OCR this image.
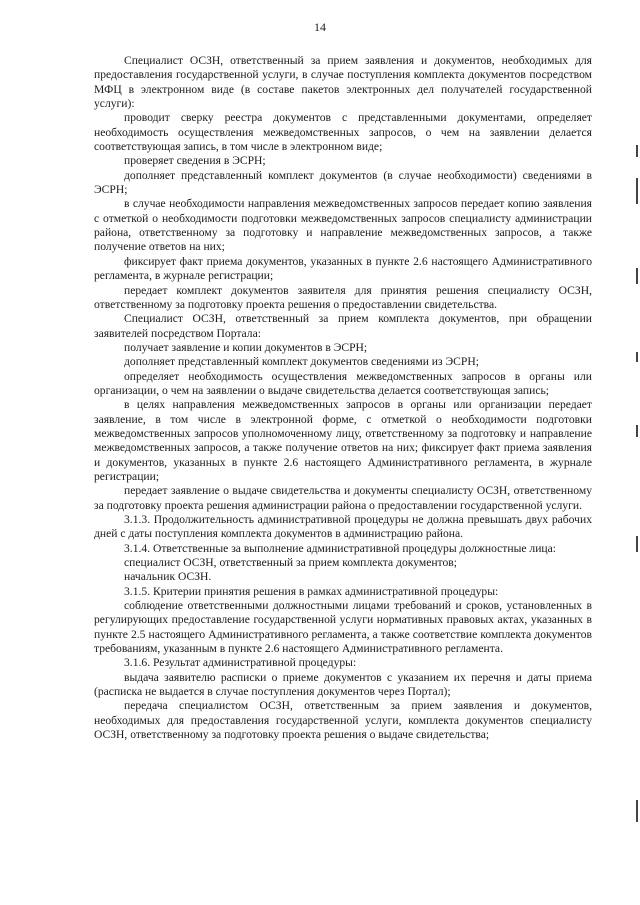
14

Специалист ОСЗН, ответственный за прием заявления и документов, необходимых для предоставления государственной услуги, в случае поступления комплекта документов посредством МФЦ в электронном виде (в составе пакетов электронных дел получателей государственной услуги):

проводит сверку реестра документов с представленными документами, определяет необходимость осуществления межведомственных запросов, о чем на заявлении делается соответствующая запись, в том числе в электронном виде;

проверяет сведения в ЭСРН;

дополняет представленный комплект документов (в случае необходимости) сведениями в ЭСРН;

в случае необходимости направления межведомственных запросов передает копию заявления с отметкой о необходимости подготовки межведомственных запросов специалисту администрации района, ответственному за подготовку и направление межведомственных запросов, а также получение ответов на них;

фиксирует факт приема документов, указанных в пункте 2.6 настоящего Административного регламента, в журнале регистрации;

передает комплект документов заявителя для принятия решения специалисту ОСЗН, ответственному за подготовку проекта решения о предоставлении свидетельства.

Специалист ОСЗН, ответственный за прием комплекта документов, при обращении заявителей посредством Портала:

получает заявление и копии документов в ЭСРН;

дополняет представленный комплект документов сведениями из ЭСРН;

определяет необходимость осуществления межведомственных запросов в органы или организации, о чем на заявлении о выдаче свидетельства делается соответствующая запись;

в целях направления межведомственных запросов в органы или организации передает заявление, в том числе в электронной форме, с отметкой о необходимости подготовки межведомственных запросов уполномоченному лицу, ответственному за подготовку и направление межведомственных запросов, а также получение ответов на них; фиксирует факт приема заявления и документов, указанных в пункте 2.6 настоящего Административного регламента, в журнале регистрации;

передает заявление о выдаче свидетельства и документы специалисту ОСЗН, ответственному за подготовку проекта решения администрации района о предоставлении государственной услуги.

3.1.3. Продолжительность административной процедуры не должна превышать двух рабочих дней с даты поступления комплекта документов в администрацию района.

3.1.4. Ответственные за выполнение административной процедуры должностные лица:

специалист ОСЗН, ответственный за прием комплекта документов;

начальник ОСЗН.

3.1.5. Критерии принятия решения в рамках административной процедуры:

соблюдение ответственными должностными лицами требований и сроков, установленных в регулирующих предоставление государственной услуги нормативных правовых актах, указанных в пункте 2.5 настоящего Административного регламента, а также соответствие комплекта документов требованиям, указанным в пункте 2.6 настоящего Административного регламента.

3.1.6. Результат административной процедуры:

выдача заявителю расписки о приеме документов с указанием их перечня и даты приема (расписка не выдается в случае поступления документов через Портал);

передача специалистом ОСЗН, ответственным за прием заявления и документов, необходимых для предоставления государственной услуги, комплекта документов специалисту ОСЗН, ответственному за подготовку проекта решения о выдаче свидетельства;
